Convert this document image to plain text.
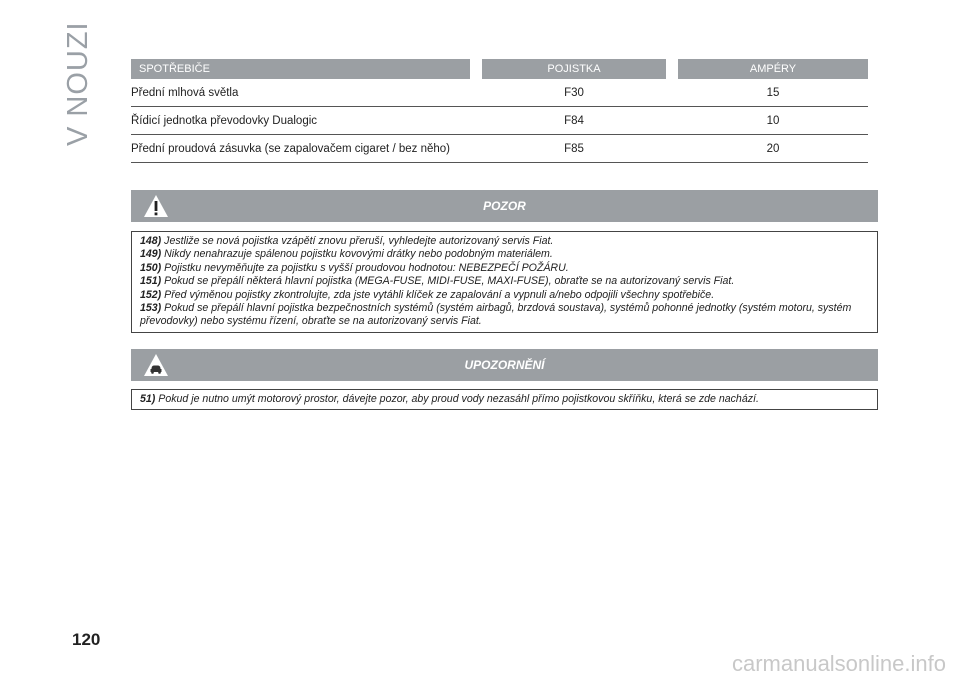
V NOUZI	SPOTŘEBIČE	POJISTKA	AMPÉRY
Přední mlhová světla	F30	15
Řídicí jednotka převodovky Dualogic	F84	10
Přední proudová zásuvka (se zapalovačem cigaret / bez něho)	F85	20
POZOR

148) Jestliže se nová pojistka vzápětí znovu přeruší, vyhledejte autorizovaný servis Fiat.

149) Nikdy nenahrazuje spálenou pojistku kovovými drátky nebo podobným materiálem.

150) Pojistku nevyměňujte za pojistku s vyšší proudovou hodnotou: NEBEZPEČÍ POŽÁRU.

151) Pokud se přepálí některá hlavní pojistka (MEGA-FUSE, MIDI-FUSE, MAXI-FUSE), obraťte se na autorizovaný servis Fiat.

152) Před výměnou pojistky zkontrolujte, zda jste vytáhli klíček ze zapalování a vypnuli a/nebo odpojili všechny spotřebiče.

153) Pokud se přepálí hlavní pojistka bezpečnostních systémů (systém airbagů, brzdová soustava), systémů pohonné jednotky (systém motoru, systém převodovky) nebo systému řízení, obraťte se na autorizovaný servis Fiat.

UPOZORNĚNÍ

51) Pokud je nutno umýt motorový prostor, dávejte pozor, aby proud vody nezasáhl přímo pojistkovou skříňku, která se zde nachází.

120
carmanualsonline.info
